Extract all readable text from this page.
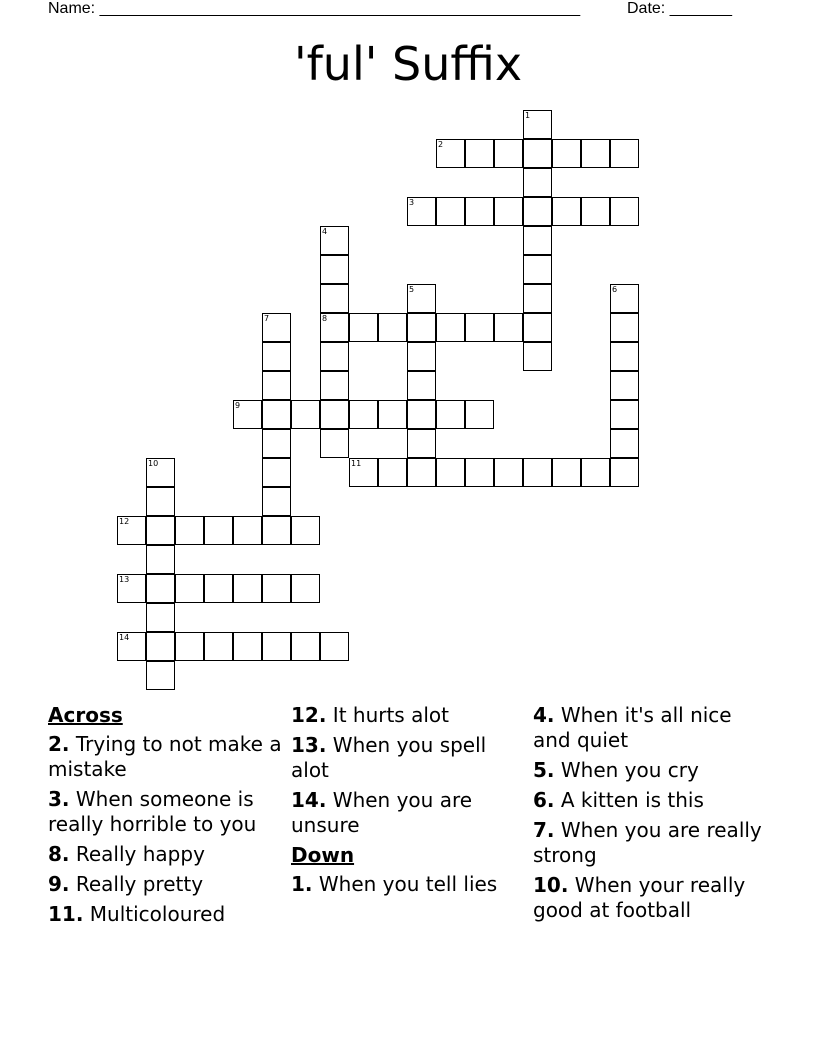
Name: ______________________________________________________	Date: _______
'ful' Suffix
1
2
3
4
8
5	6
7
9
10	11
12
13
14
Across
2. Trying to not make a mistake
3. When someone is really horrible to you
8. Really happy
9. Really pretty
11. Multicoloured
12. It hurts alot
13. When you spell alot
14. When you are unsure
Down
1. When you tell lies
4. When it's all nice and quiet
5. When you cry
6. A kitten is this
7. When you are really strong
10. When your really good at football
